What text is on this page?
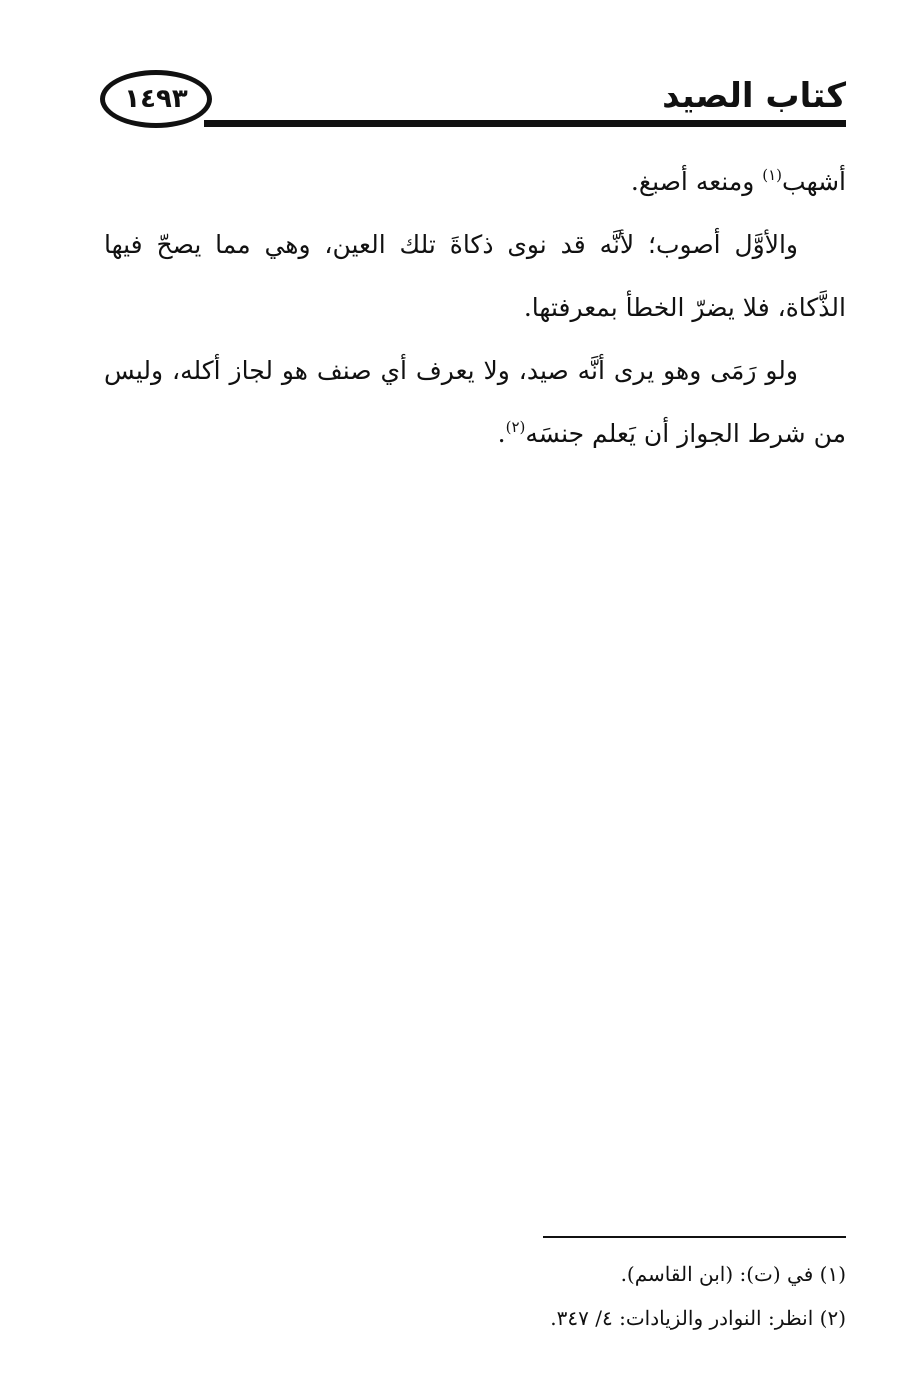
١٤٩٣	كتاب الصيد

أشهب$^{(١)}$ ومنعه أصبغ.

والأوَّل أصوب؛ لأنَّه قد نوى ذكاةَ تلك العين، وهي مما يصحّ فيها الذَّكاة، فلا يضرّ الخطأ بمعرفتها.

ولو رَمَى وهو يرى أنَّه صيد، ولا يعرف أي صنف هو لجاز أكله، وليس من شرط الجواز أن يَعلم جنسَه$^{(٢)}$.

(١) في (ت): (ابن القاسم).

(٢) انظر: النوادر والزيادات: ٤/ ٣٤٧.
